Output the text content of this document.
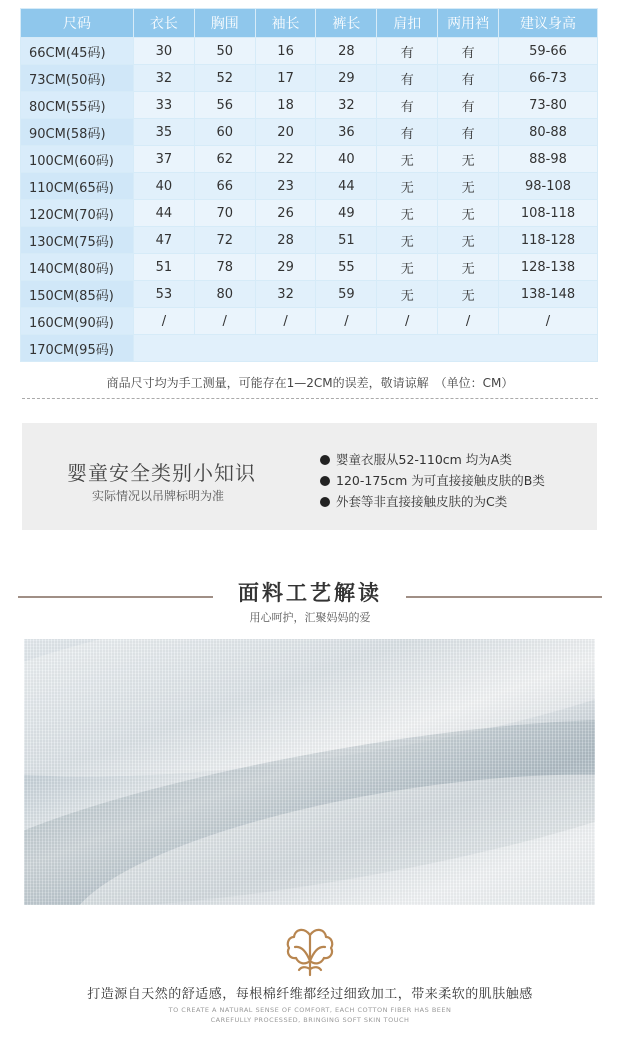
尺码	衣长	胸围	袖长	裤长	肩扣	两用裆	建议身高
66CM(45码)	30	50	16	28	有	有	59-66
73CM(50码)	32	52	17	29	有	有	66-73
80CM(55码)	33	56	18	32	有	有	73-80
90CM(58码)	35	60	20	36	有	有	80-88
100CM(60码)	37	62	22	40	无	无	88-98
110CM(65码)	40	66	23	44	无	无	98-108
120CM(70码)	44	70	26	49	无	无	108-118
130CM(75码)	47	72	28	51	无	无	118-128
140CM(80码)	51	78	29	55	无	无	128-138
150CM(85码)	53	80	32	59	无	无	138-148
160CM(90码)	/	/	/	/	/	/	/
170CM(95码)							
商品尺寸均为手工测量，可能存在1—2CM的误差，敬请谅解　（单位：CM）
婴童安全类别小知识
实际情况以吊牌标明为准
婴童衣服从52-110cm 均为A类
120-175cm 为可直接接触皮肤的B类
外套等非直接接触皮肤的为C类
面料工艺解读
用心呵护，汇聚妈妈的爱
打造源自天然的舒适感，每根棉纤维都经过细致加工，带来柔软的肌肤触感
TO CREATE A NATURAL SENSE OF COMFORT, EACH COTTON FIBER HAS BEEN
CAREFULLY PROCESSED, BRINGING SOFT SKIN TOUCH
